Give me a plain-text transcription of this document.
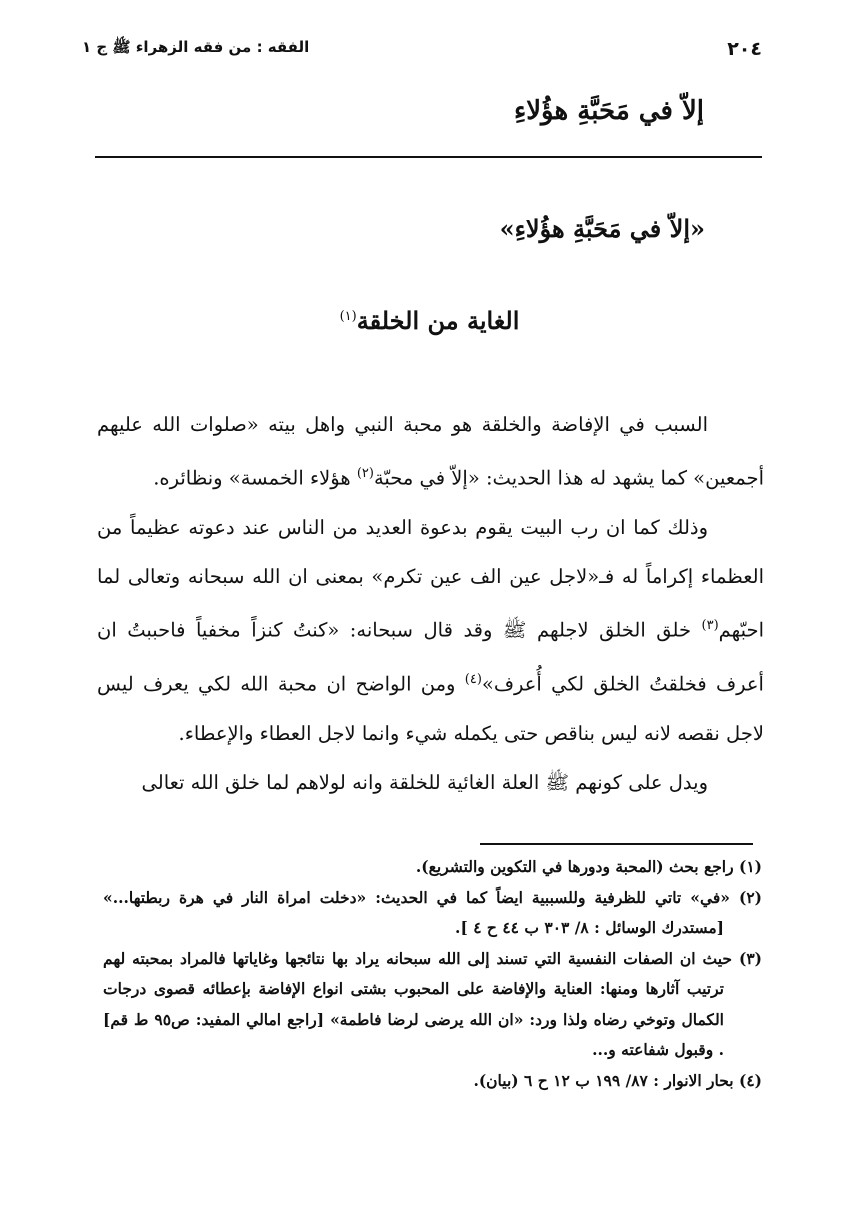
٢٠٤
الفقه : من فقه الزهراء ﷺ ج ١
إلاّ في مَحَبَّةِ هؤُلاءِ
«إلاّ في مَحَبَّةِ هؤُلاءِ»
الغاية من الخلقة$^{(١)}$

السبب في الإفاضة والخلقة هو محبة النبي واهل بيته «صلوات الله عليهم أجمعين» كما يشهد له هذا الحديث: «إلاّ في محبّة$^{(٢)}$ هؤلاء الخمسة» ونظائره.

وذلك كما ان رب البيت يقوم بدعوة العديد من الناس عند دعوته عظيماً من العظماء إكراماً له فـ«لاجل عين الف عين تكرم» بمعنى ان الله سبحانه وتعالى لما احبّهم$^{(٣)}$ خلق الخلق لاجلهم ﷺ وقد قال سبحانه: «كنتُ كنزاً مخفياً فاحببتُ ان أعرف فخلقتُ الخلق لكي أُعرف»$^{(٤)}$ ومن الواضح ان محبة الله لكي يعرف ليس لاجل نقصه لانه ليس بناقص حتى يكمله شيء وانما لاجل العطاء والإعطاء.

ويدل على كونهم ﷺ العلة الغائية للخلقة وانه لولاهم لما خلق الله تعالى

(١) راجع بحث (المحبة ودورها في التكوين والتشريع).

(٢) «في» تاتي للظرفية وللسببية ايضاً كما في الحديث: «دخلت امراة النار في هرة ربطتها...» [مستدرك الوسائل : ٨/ ٣٠٣ ب ٤٤ ح ٤ ].

(٣) حيث ان الصفات النفسية التي تسند إلى الله سبحانه يراد بها نتائجها وغاياتها فالمراد بمحبته لهم ترتيب آثارها ومنها: العناية والإفاضة على المحبوب بشتى انواع الإفاضة بإعطائه قصوى درجات الكمال وتوخي رضاه ولذا ورد: «ان الله يرضى لرضا فاطمة» [راجع امالي المفيد: ص٩٥ ط قم] . وقبول شفاعته و...

(٤) بحار الانوار : ٨٧/ ١٩٩ ب ١٢ ح ٦ (بيان).
